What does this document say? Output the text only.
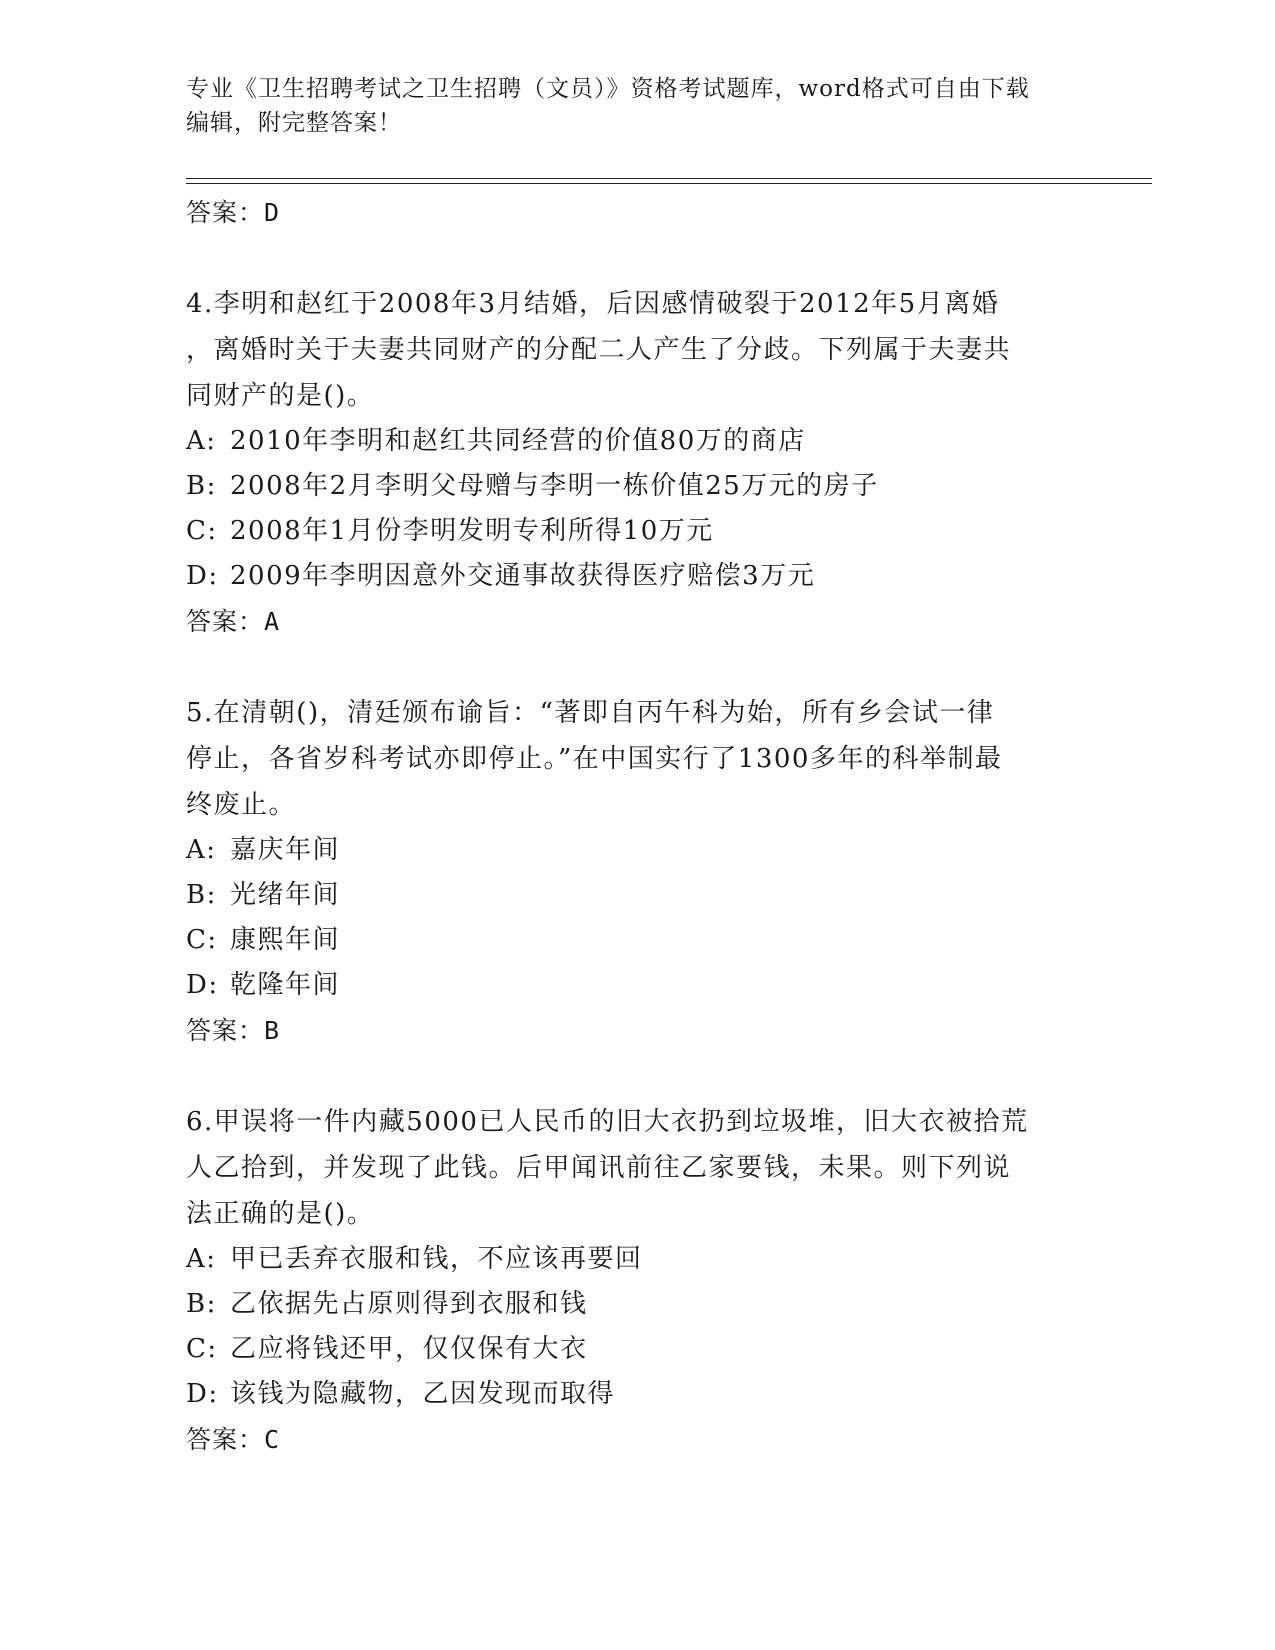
专业《卫生招聘考试之卫生招聘（文员）》资格考试题库，word格式可自由下载
编辑，附完整答案！
答案：D
4.李明和赵红于2008年3月结婚，后因感情破裂于2012年5月离婚
，离婚时关于夫妻共同财产的分配二人产生了分歧。下列属于夫妻共
同财产的是()。
A: 2010年李明和赵红共同经营的价值80万的商店
B: 2008年2月李明父母赠与李明一栋价值25万元的房子
C: 2008年1月份李明发明专利所得10万元
D: 2009年李明因意外交通事故获得医疗赔偿3万元
答案：A
5.在清朝()，清廷颁布谕旨：“著即自丙午科为始，所有乡会试一律
停止，各省岁科考试亦即停止。”在中国实行了1300多年的科举制最
终废止。
A: 嘉庆年间
B: 光绪年间
C: 康熙年间
D: 乾隆年间
答案：B
6.甲误将一件内藏5000已人民币的旧大衣扔到垃圾堆，旧大衣被拾荒
人乙拾到，并发现了此钱。后甲闻讯前往乙家要钱，未果。则下列说
法正确的是()。
A: 甲已丢弃衣服和钱，不应该再要回
B: 乙依据先占原则得到衣服和钱
C: 乙应将钱还甲，仅仅保有大衣
D: 该钱为隐藏物，乙因发现而取得
答案：C
